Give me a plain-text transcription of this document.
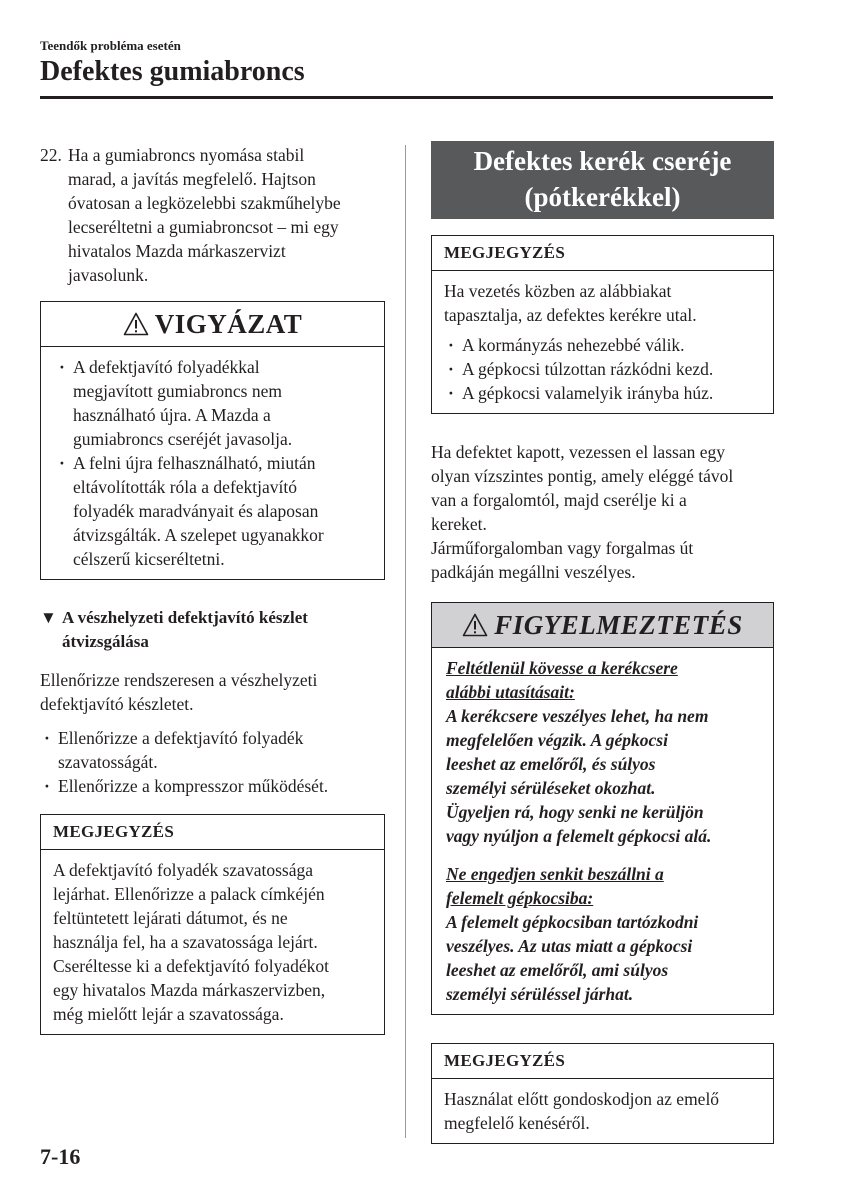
Teendők probléma esetén
Defektes gumiabroncs
22. Ha a gumiabroncs nyomása stabil
marad, a javítás megfelelő. Hajtson
óvatosan a legközelebbi szakműhelybe
lecseréltetni a gumiabroncsot – mi egy
hivatalos Mazda márkaszervizt
javasolunk.
VIGYÁZAT
· A defektjavító folyadékkal
megjavított gumiabroncs nem
használható újra. A Mazda a
gumiabroncs cseréjét javasolja.
· A felni újra felhasználható, miután
eltávolították róla a defektjavító
folyadék maradványait és alaposan
átvizsgálták. A szelepet ugyanakkor
célszerű kicseréltetni.
▼ A vészhelyzeti defektjavító készlet
átvizsgálása
Ellenőrizze rendszeresen a vészhelyzeti
defektjavító készletet.
· Ellenőrizze a defektjavító folyadék
szavatosságát.
· Ellenőrizze a kompresszor működését.
MEGJEGYZÉS
A defektjavító folyadék szavatossága
lejárhat. Ellenőrizze a palack címkéjén
feltüntetett lejárati dátumot, és ne
használja fel, ha a szavatossága lejárt.
Cseréltesse ki a defektjavító folyadékot
egy hivatalos Mazda márkaszervizben,
még mielőtt lejár a szavatossága.
Defektes kerék cseréje
(pótkerékkel)
MEGJEGYZÉS
Ha vezetés közben az alábbiakat
tapasztalja, az defektes kerékre utal.
· A kormányzás nehezebbé válik.
· A gépkocsi túlzottan rázkódni kezd.
· A gépkocsi valamelyik irányba húz.
Ha defektet kapott, vezessen el lassan egy
olyan vízszintes pontig, amely eléggé távol
van a forgalomtól, majd cserélje ki a
kereket.
Járműforgalomban vagy forgalmas út
padkáján megállni veszélyes.
FIGYELMEZTETÉS
Feltétlenül kövesse a kerékcsere
alábbi utasításait:
A kerékcsere veszélyes lehet, ha nem
megfelelően végzik. A gépkocsi
leeshet az emelőről, és súlyos
személyi sérüléseket okozhat.
Ügyeljen rá, hogy senki ne kerüljön
vagy nyúljon a felemelt gépkocsi alá.
Ne engedjen senkit beszállni a
felemelt gépkocsiba:
A felemelt gépkocsiban tartózkodni
veszélyes. Az utas miatt a gépkocsi
leeshet az emelőről, ami súlyos
személyi sérüléssel járhat.
MEGJEGYZÉS
Használat előtt gondoskodjon az emelő
megfelelő kenéséről.
7-16
